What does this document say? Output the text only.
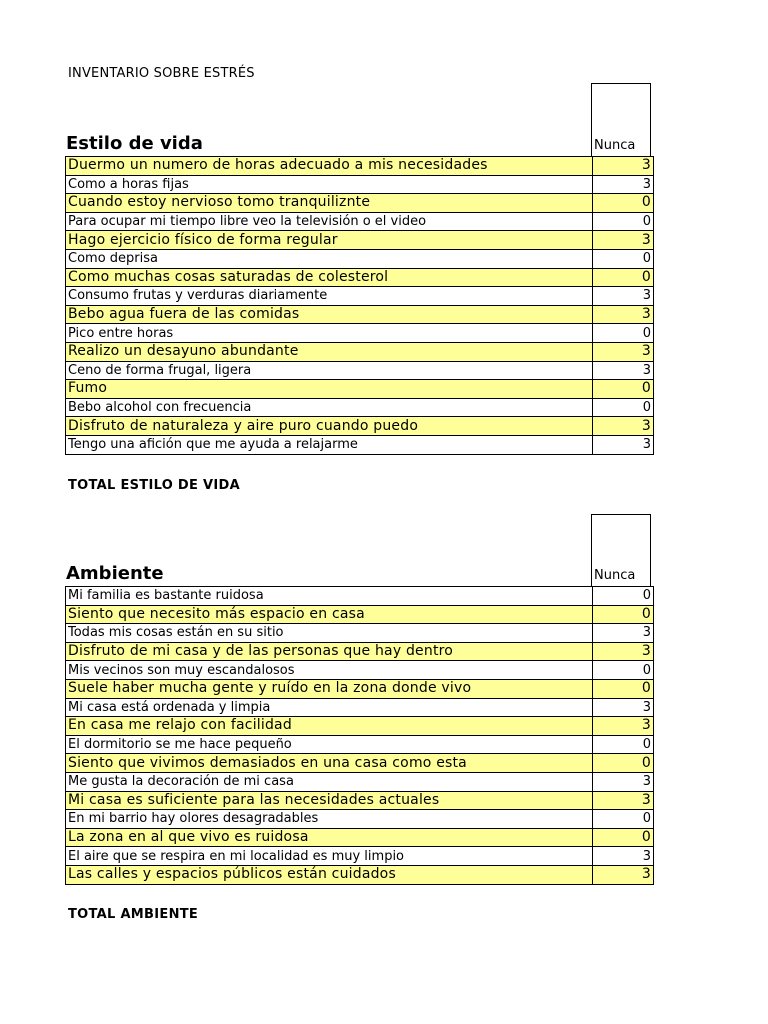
INVENTARIO SOBRE ESTRÉS
Estilo de vida	Nunca
Duermo un numero de horas adecuado a mis necesidades	3
Como a horas fijas	3
Cuando estoy nervioso tomo tranquiliznte	0
Para ocupar mi tiempo libre veo la televisión o el video	0
Hago ejercicio físico de forma regular	3
Como deprisa	0
Como muchas cosas saturadas de colesterol	0
Consumo frutas y verduras diariamente	3
Bebo agua fuera de las comidas	3
Pico entre horas	0
Realizo un desayuno abundante	3
Ceno de forma frugal, ligera	3
Fumo	0
Bebo alcohol con frecuencia	0
Disfruto de naturaleza y aire puro cuando puedo	3
Tengo una afición que me ayuda a relajarme	3
TOTAL ESTILO DE VIDA
Ambiente	Nunca
Mi familia es bastante ruidosa	0
Siento que necesito más espacio en casa	0
Todas mis cosas están en su sitio	3
Disfruto de mi casa y de las personas que hay dentro	3
Mis vecinos son muy escandalosos	0
Suele haber mucha gente y ruído en la zona donde vivo	0
Mi casa está ordenada y limpia	3
En casa me relajo con facilidad	3
El dormitorio se me hace pequeño	0
Siento que vivimos demasiados en una casa como esta	0
Me gusta la decoración de mi casa	3
Mi casa es suficiente para las necesidades actuales	3
En mi barrio hay olores desagradables	0
La zona en al que vivo es ruidosa	0
El aire que se respira en mi localidad es muy limpio	3
Las calles y espacios públicos están cuidados	3
TOTAL AMBIENTE
